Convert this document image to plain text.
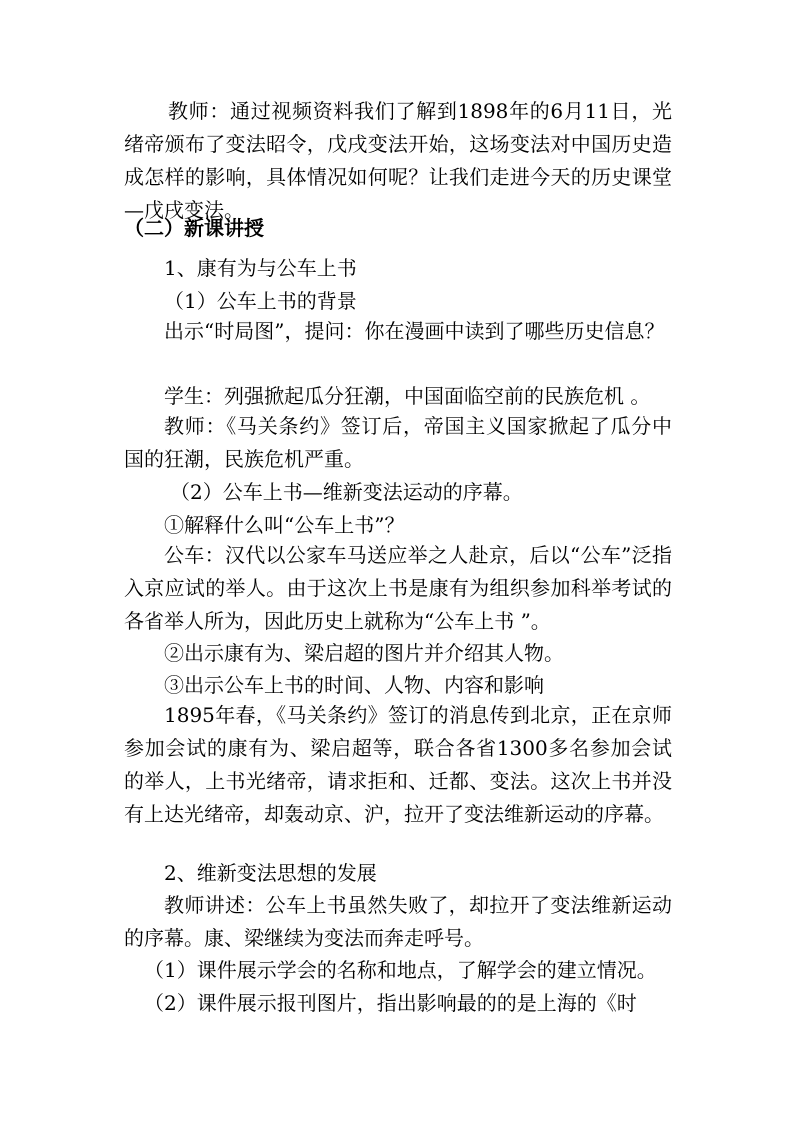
教师：通过视频资料我们了解到1898年的6月11日，光绪帝颁布了变法昭令，戊戌变法开始，这场变法对中国历史造成怎样的影响，具体情况如何呢？让我们走进今天的历史课堂—戊戌变法。
（二）新课讲授
1、康有为与公车上书
（1）公车上书的背景
出示“时局图”，提问：你在漫画中读到了哪些历史信息？
学生：列强掀起瓜分狂潮，中国面临空前的民族危机 。
教师：《马关条约》签订后，帝国主义国家掀起了瓜分中国的狂潮，民族危机严重。
（2）公车上书—维新变法运动的序幕。
①解释什么叫“公车上书”？
公车：汉代以公家车马送应举之人赴京，后以“公车”泛指入京应试的举人。由于这次上书是康有为组织参加科举考试的各省举人所为，因此历史上就称为“公车上书 ”。
②出示康有为、梁启超的图片并介绍其人物。
③出示公车上书的时间、人物、内容和影响
1895年春，《马关条约》签订的消息传到北京，正在京师参加会试的康有为、梁启超等，联合各省1300多名参加会试的举人，上书光绪帝，请求拒和、迁都、变法。这次上书并没有上达光绪帝，却轰动京、沪，拉开了变法维新运动的序幕。
2、维新变法思想的发展
教师讲述：公车上书虽然失败了，却拉开了变法维新运动的序幕。康、梁继续为变法而奔走呼号。
（1）课件展示学会的名称和地点，了解学会的建立情况。
（2）课件展示报刊图片，指出影响最的的是上海的《时
